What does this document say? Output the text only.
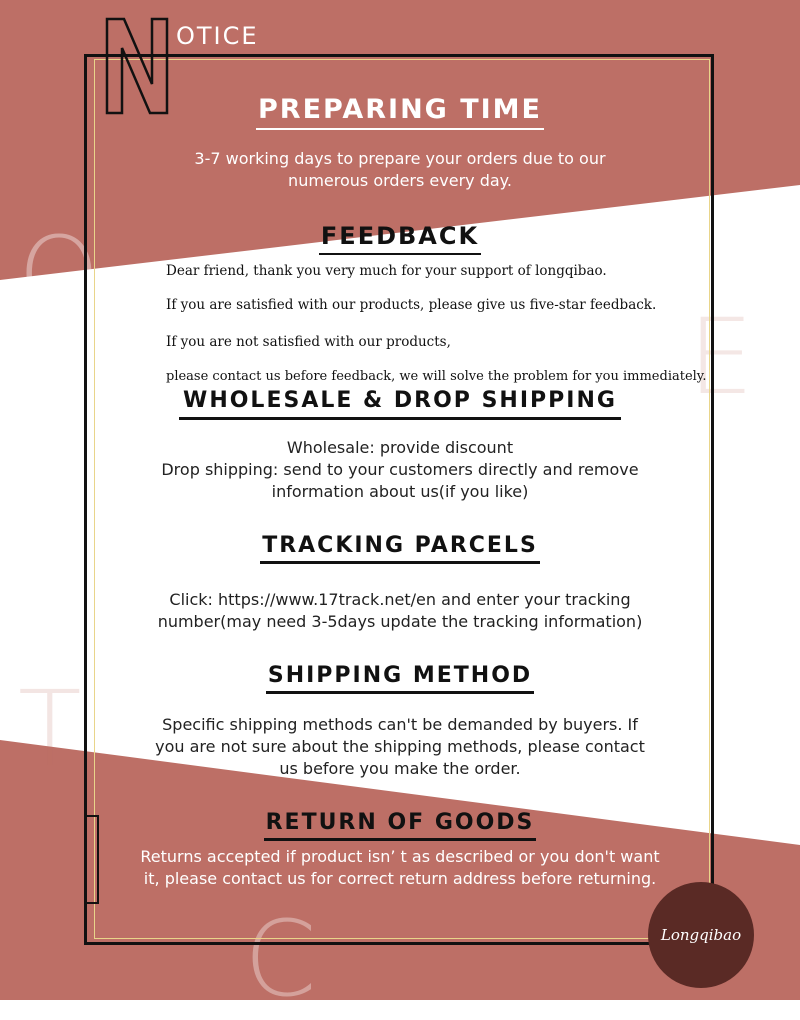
O
E
T
C
OTICE
PREPARING TIME
3-7 working days to prepare your orders due to our
numerous orders every day.
FEEDBACK
Dear friend, thank you very much for your support of longqibao.
If you are satisfied with our products, please give us five-star feedback.
If you are not satisfied with our products,
please contact us before feedback, we will solve the problem for you immediately.
WHOLESALE & DROP SHIPPING
Wholesale: provide discount
Drop shipping: send to your customers directly and remove
information about us(if you like)
TRACKING PARCELS
Click: https://www.17track.net/en and enter your tracking
number(may need 3-5days update the tracking information)
SHIPPING METHOD
Specific shipping methods can't be demanded by buyers. If
you are not sure about the shipping methods, please contact
us before you make the order.
RETURN OF GOODS
Returns accepted if product isn’ t as described or you don't want
it, please contact us for correct return address before returning.
Longqibao
